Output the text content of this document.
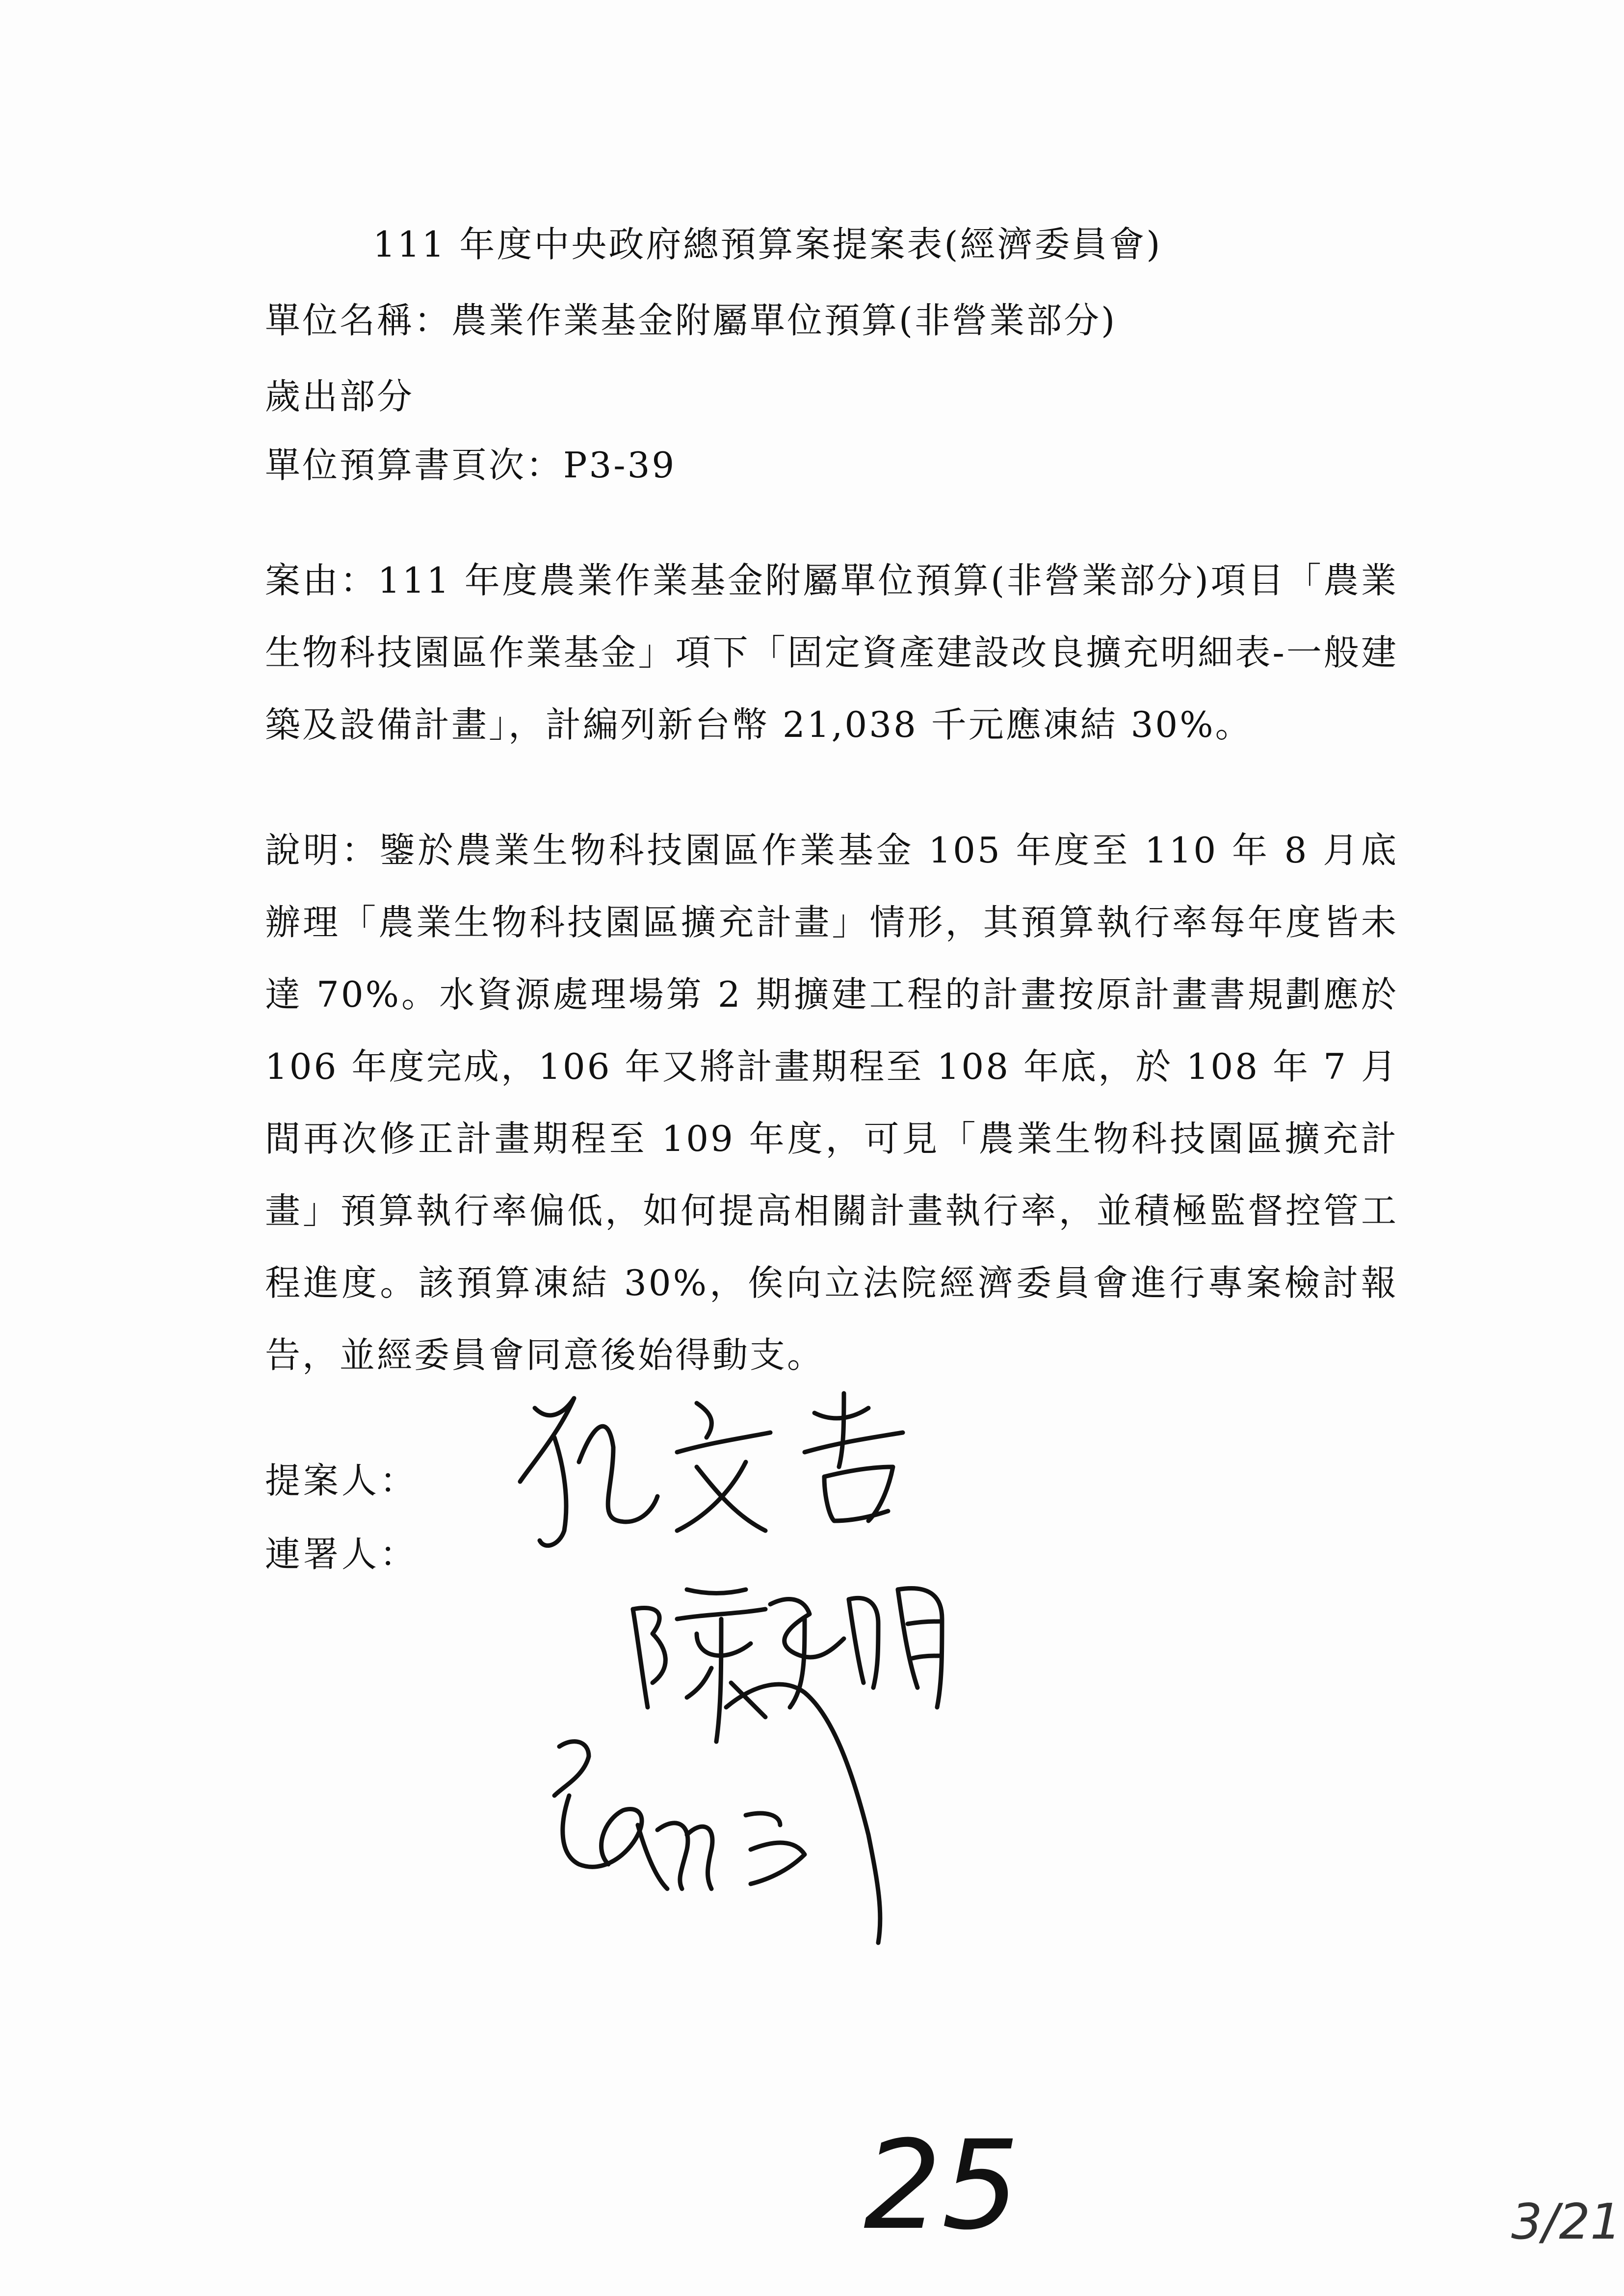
111 年度中央政府總預算案提案表(經濟委員會)
單位名稱：農業作業基金附屬單位預算(非營業部分)
歲出部分
單位預算書頁次：P3-39

案由：111 年度農業作業基金附屬單位預算(非營業部分)項目「農業生物科技園區作業基金」項下「固定資產建設改良擴充明細表-一般建築及設備計畫」，計編列新台幣 21,038 千元應凍結 30%。

說明：鑒於農業生物科技園區作業基金 105 年度至 110 年 8 月底辦理「農業生物科技園區擴充計畫」情形，其預算執行率每年度皆未達 70%。水資源處理場第 2 期擴建工程的計畫按原計畫書規劃應於 106 年度完成，106 年又將計畫期程至 108 年底，於 108 年 7 月間再次修正計畫期程至 109 年度，可見「農業生物科技園區擴充計畫」預算執行率偏低，如何提高相關計畫執行率，並積極監督控管工程進度。該預算凍結 30%，俟向立法院經濟委員會進行專案檢討報告，並經委員會同意後始得動支。

提案人：
連署人：
25	3/21
